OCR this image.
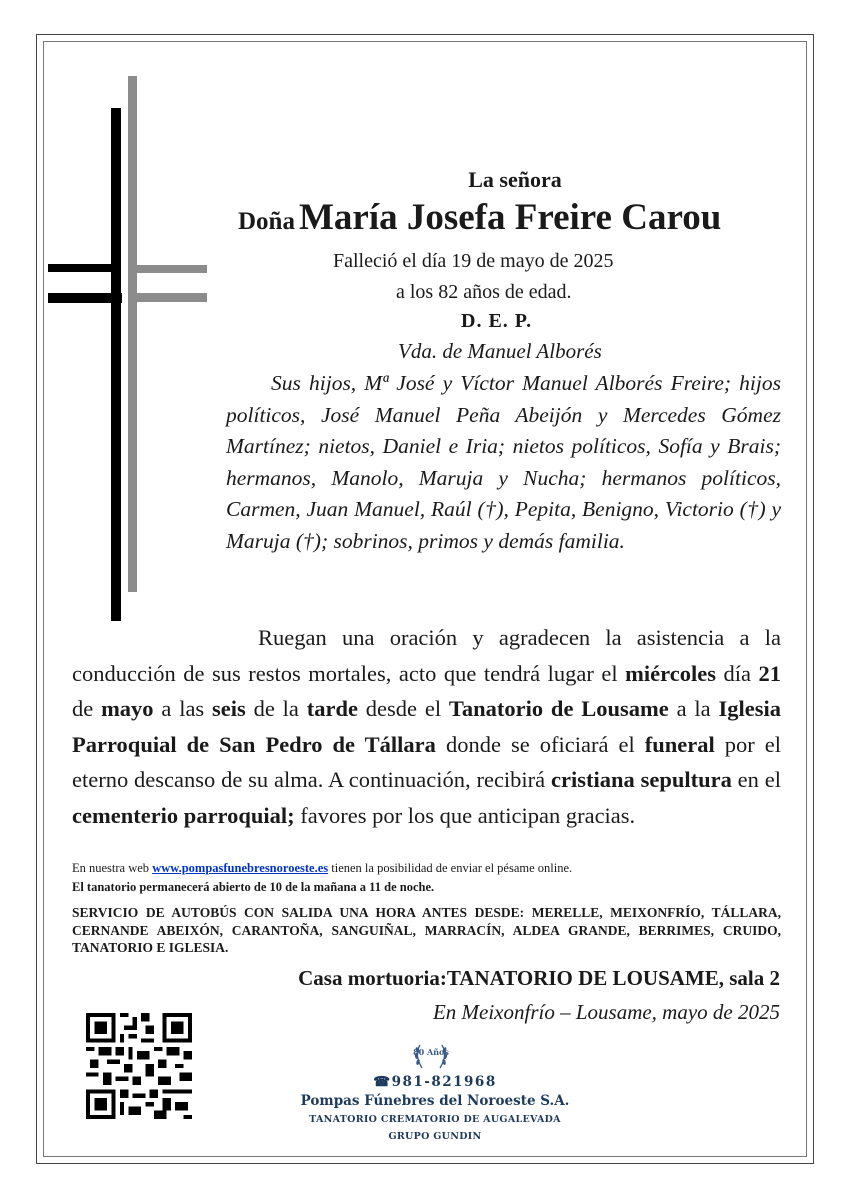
La señora
Doña María Josefa Freire Carou
Falleció el día 19 de mayo de 2025
a los 82 años de edad.
D. E. P.
Vda. de Manuel Alborés

Sus hijos, Mª José y Víctor Manuel Alborés Freire; hijos políticos, José Manuel Peña Abeijón y Mercedes Gómez Martínez; nietos, Daniel e Iria; nietos políticos, Sofía y Brais; hermanos, Manolo, Maruja y Nucha; hermanos políticos, Carmen, Juan Manuel, Raúl (†), Pepita, Benigno, Victorio (†) y Maruja (†); sobrinos, primos y demás familia.

Ruegan una oración y agradecen la asistencia a la conducción de sus restos mortales, acto que tendrá lugar el miércoles día 21 de mayo a las seis de la tarde desde el Tanatorio de Lousame a la Iglesia Parroquial de San Pedro de Tállara donde se oficiará el funeral por el eterno descanso de su alma. A continuación, recibirá cristiana sepultura en el cementerio parroquial; favores por los que anticipan gracias.

En nuestra web www.pompasfunebresnoroeste.es tienen la posibilidad de enviar el pésame online.
El tanatorio permanecerá abierto de 10 de la mañana a 11 de noche.
SERVICIO DE AUTOBÚS CON SALIDA UNA HORA ANTES DESDE: MERELLE, MEIXONFRÍO, TÁLLARA, CERNANDE ABEIXÓN, CARANTOÑA, SANGUIÑAL, MARRACÍN, ALDEA GRANDE, BERRIMES, CRUIDO, TANATORIO E IGLESIA.
Casa mortuoria:TANATORIO DE LOUSAME, sala 2
En Meixonfrío – Lousame, mayo de 2025
80 Años
☎981-821968
Pompas Fúnebres del Noroeste S.A.
TANATORIO CREMATORIO DE AUGALEVADA
GRUPO GUNDIN
